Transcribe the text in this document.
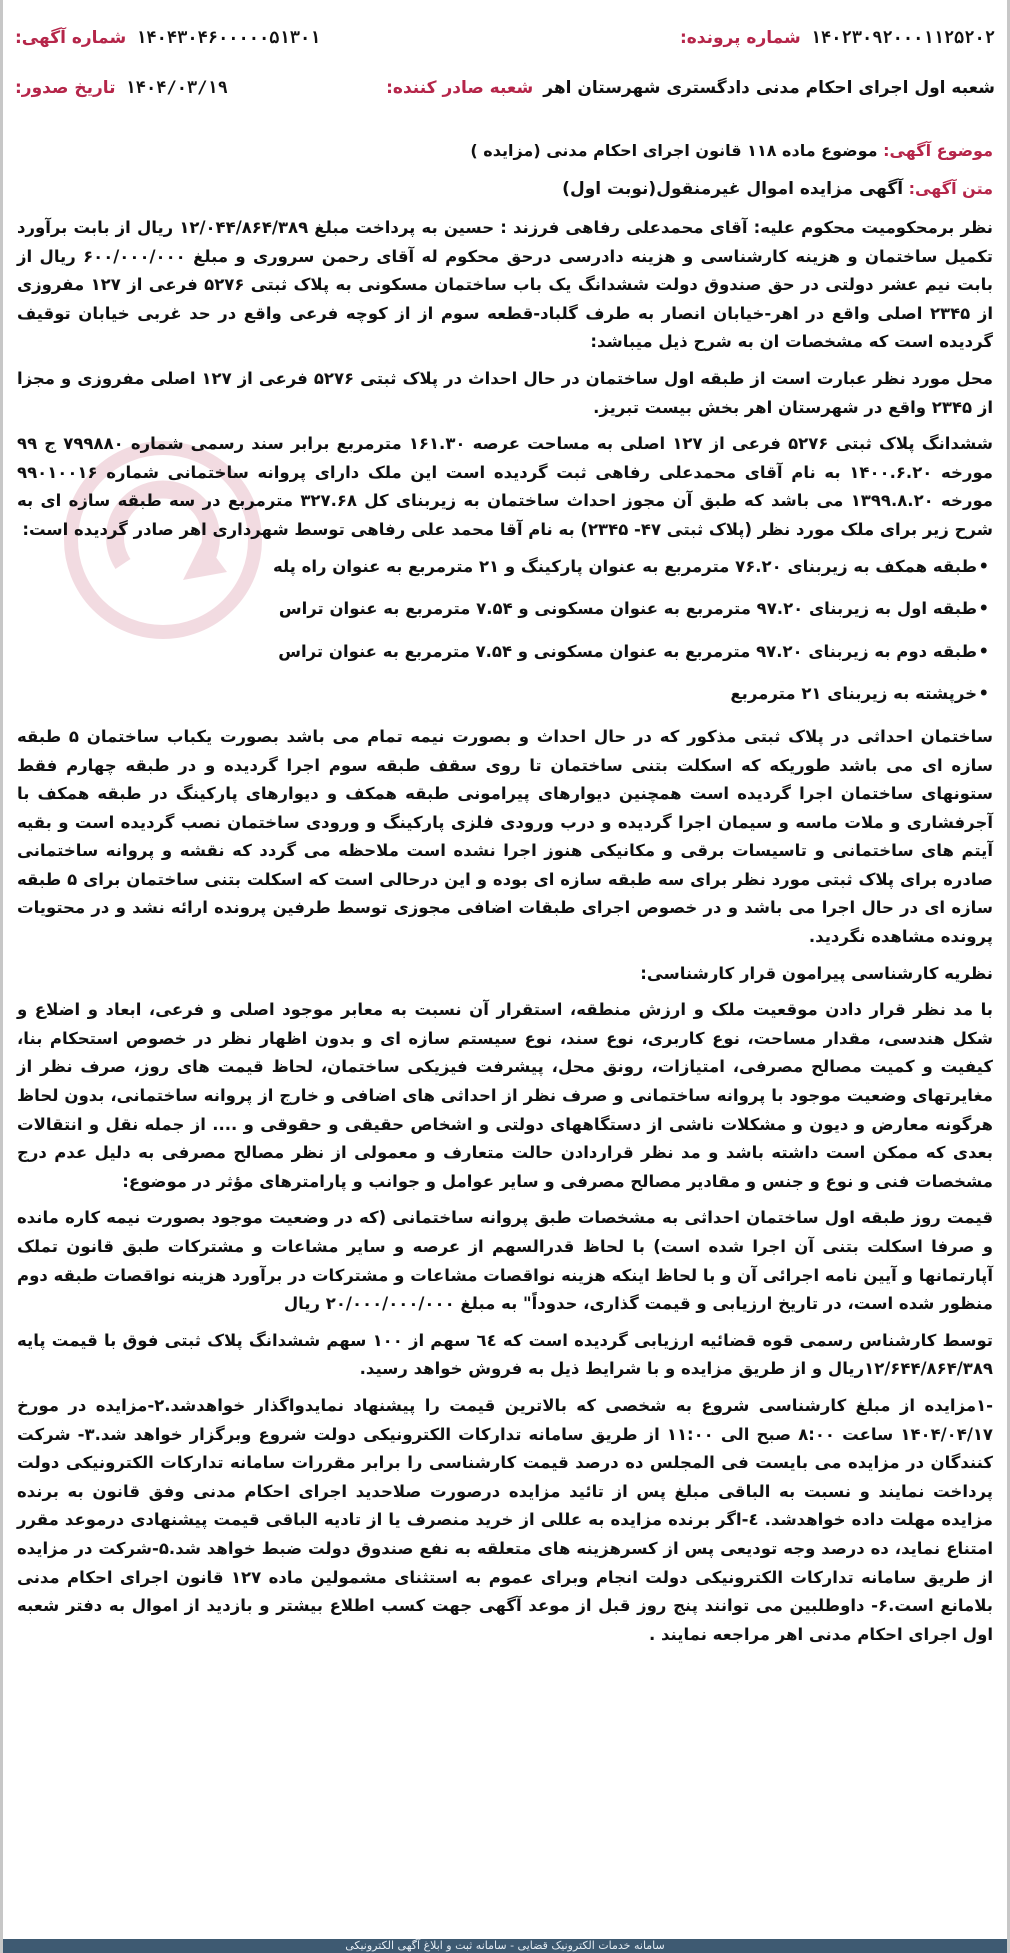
شماره آگهی: ۱۴۰۴۳۰۴۶۰۰۰۰۰۵۱۳۰۱	شماره پرونده: ۱۴۰۲۳۰۹۲۰۰۰۱۱۲۵۲۰۲
تاریخ صدور: ۱۴۰۴/۰۳/۱۹	شعبه صادر کننده: شعبه اول اجرای احکام مدنی دادگستری شهرستان اهر
موضوع آگهی: موضوع ماده ۱۱۸ قانون اجرای احکام مدنی (مزایده )
متن آگهی: آگهی مزایده اموال غیرمنقول(نوبت اول)

نظر برمحکومیت محکوم علیه: آقای محمدعلی رفاهی فرزند : حسین به پرداخت مبلغ ۱۲/۰۴۴/۸۶۴/۳۸۹ ریال از بابت برآورد تکمیل ساختمان و هزینه کارشناسی و هزینه دادرسی درحق محکوم له آقای رحمن سروری و مبلغ ۶۰۰/۰۰۰/۰۰۰ ریال از بابت نیم عشر دولتی در حق صندوق دولت ششدانگ یک باب ساختمان مسکونی به پلاک ثبتی ۵۲۷۶ فرعی از ۱۲۷ مفروزی از ۲۳۴۵ اصلی واقع در اهر-خیابان انصار به طرف گلباد-قطعه سوم از از کوچه فرعی واقع در حد غربی خیابان توقیف گردیده است که مشخصات ان به شرح ذیل میباشد:

محل مورد نظر عبارت است از طبقه اول ساختمان در حال احداث در پلاک ثبتی ۵۲۷۶ فرعی از ۱۲۷ اصلی مفروزی و مجزا از ۲۳۴۵ واقع در شهرستان اهر بخش بیست تبریز.

ششدانگ پلاک ثبتی ۵۲۷۶ فرعی از ۱۲۷ اصلی به مساحت عرصه ۱۶۱.۳۰ مترمربع برابر سند رسمی شماره ۷۹۹۸۸۰ ج ۹۹ مورخه ۱۴۰۰.۶.۲۰ به نام آقای محمدعلی رفاهی ثبت گردیده است این ملک دارای پروانه ساختمانی شماره ۹۹۰۱۰۰۱۶ مورخه ۱۳۹۹.۸.۲۰ می باشد که طبق آن مجوز احداث ساختمان به زیربنای کل ۳۲۷.۶۸ مترمربع در سه طبقه سازه ای به شرح زیر برای ملک مورد نظر (پلاک ثبتی ۴۷- ۲۳۴۵) به نام آقا محمد علی رفاهی توسط شهرداری اهر صادر گردیده است:

•طبقه همکف به زیربنای ۷۶.۲۰ مترمربع به عنوان پارکینگ و ۲۱ مترمربع به عنوان راه پله
•طبقه اول به زیربنای ۹۷.۲۰ مترمربع به عنوان مسکونی و ۷.۵۴ مترمربع به عنوان تراس
•طبقه دوم به زیربنای ۹۷.۲۰ مترمربع به عنوان مسکونی و ۷.۵۴ مترمربع به عنوان تراس
•خرپشته به زیربنای ۲۱ مترمربع

ساختمان احداثی در پلاک ثبتی مذکور که در حال احداث و بصورت نیمه تمام می باشد بصورت یکباب ساختمان ۵ طبقه سازه ای می باشد طوریکه که اسکلت بتنی ساختمان تا روی سقف طبقه سوم اجرا گردیده و در طبقه چهارم فقط ستونهای ساختمان اجرا گردیده است همچنین دیوارهای پیرامونی طبقه همکف و دیوارهای پارکینگ در طبقه همکف با آجرفشاری و ملات ماسه و سیمان اجرا گردیده و درب ورودی فلزی پارکینگ و ورودی ساختمان نصب گردیده است و بقیه آیتم های ساختمانی و تاسیسات برقی و مکانیکی هنوز اجرا نشده است ملاحظه می گردد که نقشه و پروانه ساختمانی صادره برای پلاک ثبتی مورد نظر برای سه طبقه سازه ای بوده و این درحالی است که اسکلت بتنی ساختمان برای ۵ طبقه سازه ای در حال اجرا می باشد و در خصوص اجرای طبقات اضافی مجوزی توسط طرفین پرونده ارائه نشد و در محتویات پرونده مشاهده نگردید.

نظریه کارشناسی پیرامون قرار کارشناسی:

با مد نظر قرار دادن موقعیت ملک و ارزش منطقه، استقرار آن نسبت به معابر موجود اصلی و فرعی، ابعاد و اضلاع و شکل هندسی، مقدار مساحت، نوع کاربری، نوع سند، نوع سیستم سازه ای و بدون اظهار نظر در خصوص استحکام بنا، کیفیت و کمیت مصالح مصرفی، امتیازات، رونق محل، پیشرفت فیزیکی ساختمان، لحاظ قیمت های روز، صرف نظر از مغایرتهای وضعیت موجود با پروانه ساختمانی و صرف نظر از احداثی های اضافی و خارج از پروانه ساختمانی، بدون لحاظ هرگونه معارض و دیون و مشکلات ناشی از دستگاههای دولتی و اشخاص حقیقی و حقوقی و .... از جمله نقل و انتقالات بعدی که ممکن است داشته باشد و مد نظر قراردادن حالت متعارف و معمولی از نظر مصالح مصرفی به دلیل عدم درج مشخصات فنی و نوع و جنس و مقادیر مصالح مصرفی و سایر عوامل و جوانب و پارامترهای مؤثر در موضوع:

قیمت روز طبقه اول ساختمان احداثی به مشخصات طبق پروانه ساختمانی (که در وضعیت موجود بصورت نیمه کاره مانده و صرفا اسکلت بتنی آن اجرا شده است) با لحاظ قدرالسهم از عرصه و سایر مشاعات و مشترکات طبق قانون تملک آپارتمانها و آیین نامه اجرائی آن و با لحاظ اینکه هزینه نواقصات مشاعات و مشترکات در برآورد هزینه نواقصات طبقه دوم منظور شده است، در تاریخ ارزیابی و قیمت گذاری، حدوداً" به مبلغ ۲۰/۰۰۰/۰۰۰/۰۰۰ ریال

توسط کارشناس رسمی قوه قضائیه ارزیابی گردیده است که ٦٤ سهم از ۱۰۰ سهم ششدانگ پلاک ثبتی فوق با قیمت پایه ۱۲/۶۴۴/۸۶۴/۳۸۹ریال و از طریق مزایده و با شرایط ذیل به فروش خواهد رسید.

-۱مزایده از مبلغ کارشناسی شروع به شخصی که بالاترین قیمت را پیشنهاد نمایدواگذار خواهدشد.۲-مزایده در مورخ ۱۴۰۴/۰۴/۱۷ ساعت ۸:۰۰ صبح الی ۱۱:۰۰ از طریق سامانه تدارکات الکترونیکی دولت شروع وبرگزار خواهد شد.۳- شرکت کنندگان در مزایده می بایست فی المجلس ده درصد قیمت کارشناسی را برابر مقررات سامانه تدارکات الکترونیکی دولت پرداخت نمایند و نسبت به الباقی مبلغ پس از تائید مزایده درصورت صلاحدید اجرای احکام مدنی وفق قانون به برنده مزایده مهلت داده خواهدشد. ٤-اگر برنده مزایده به عللی از خرید منصرف یا از تادیه الباقی قیمت پیشنهادی درموعد مقرر امتناع نماید، ده درصد وجه تودیعی پس از کسرهزینه های متعلقه به نفع صندوق دولت ضبط خواهد شد.۵-شرکت در مزایده از طریق سامانه تدارکات الکترونیکی دولت انجام وبرای عموم به استثنای مشمولین ماده ۱۲۷ قانون اجرای احکام مدنی بلامانع است.۶- داوطلبین می توانند پنج روز قبل از موعد آگهی جهت کسب اطلاع بیشتر و بازدید از اموال به دفتر شعبه اول اجرای احکام مدنی اهر مراجعه نمایند .

سامانه خدمات الکترونیک قضایی - سامانه ثبت و ابلاغ آگهی الکترونیکی
